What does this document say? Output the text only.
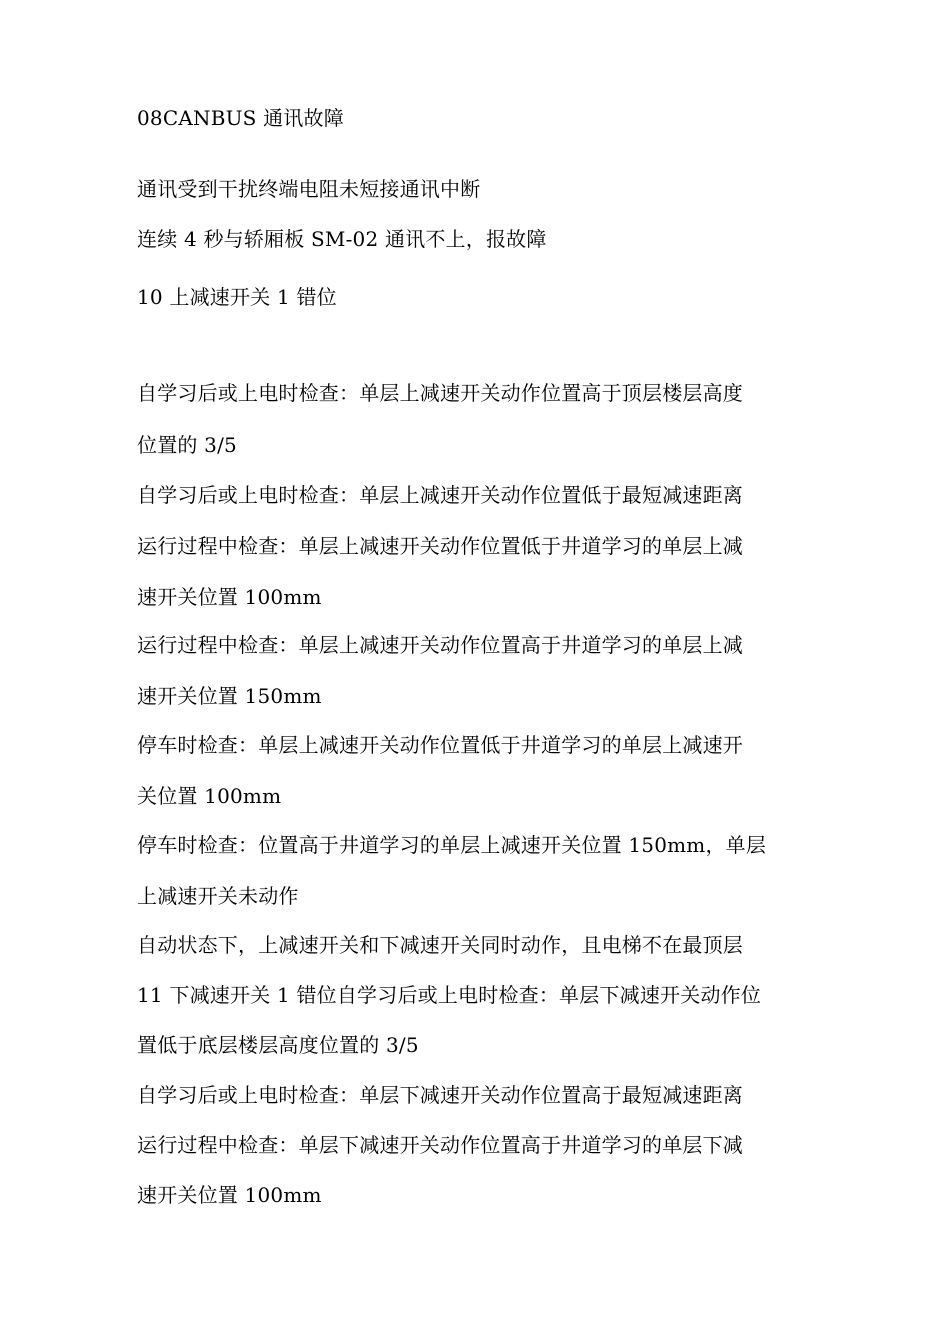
08CANBUS 通讯故障
通讯受到干扰终端电阻未短接通讯中断
连续 4 秒与轿厢板 SM-02 通讯不上，报故障
10 上减速开关 1 错位
自学习后或上电时检查：单层上减速开关动作位置高于顶层楼层高度
位置的 3/5
自学习后或上电时检查：单层上减速开关动作位置低于最短减速距离
运行过程中检查：单层上减速开关动作位置低于井道学习的单层上减
速开关位置 100mm
运行过程中检查：单层上减速开关动作位置高于井道学习的单层上减
速开关位置 150mm
停车时检查：单层上减速开关动作位置低于井道学习的单层上减速开
关位置 100mm
停车时检查：位置高于井道学习的单层上减速开关位置 150mm，单层
上减速开关未动作
自动状态下，上减速开关和下减速开关同时动作，且电梯不在最顶层
11 下减速开关 1 错位自学习后或上电时检查：单层下减速开关动作位
置低于底层楼层高度位置的 3/5
自学习后或上电时检查：单层下减速开关动作位置高于最短减速距离
运行过程中检查：单层下减速开关动作位置高于井道学习的单层下减
速开关位置 100mm
